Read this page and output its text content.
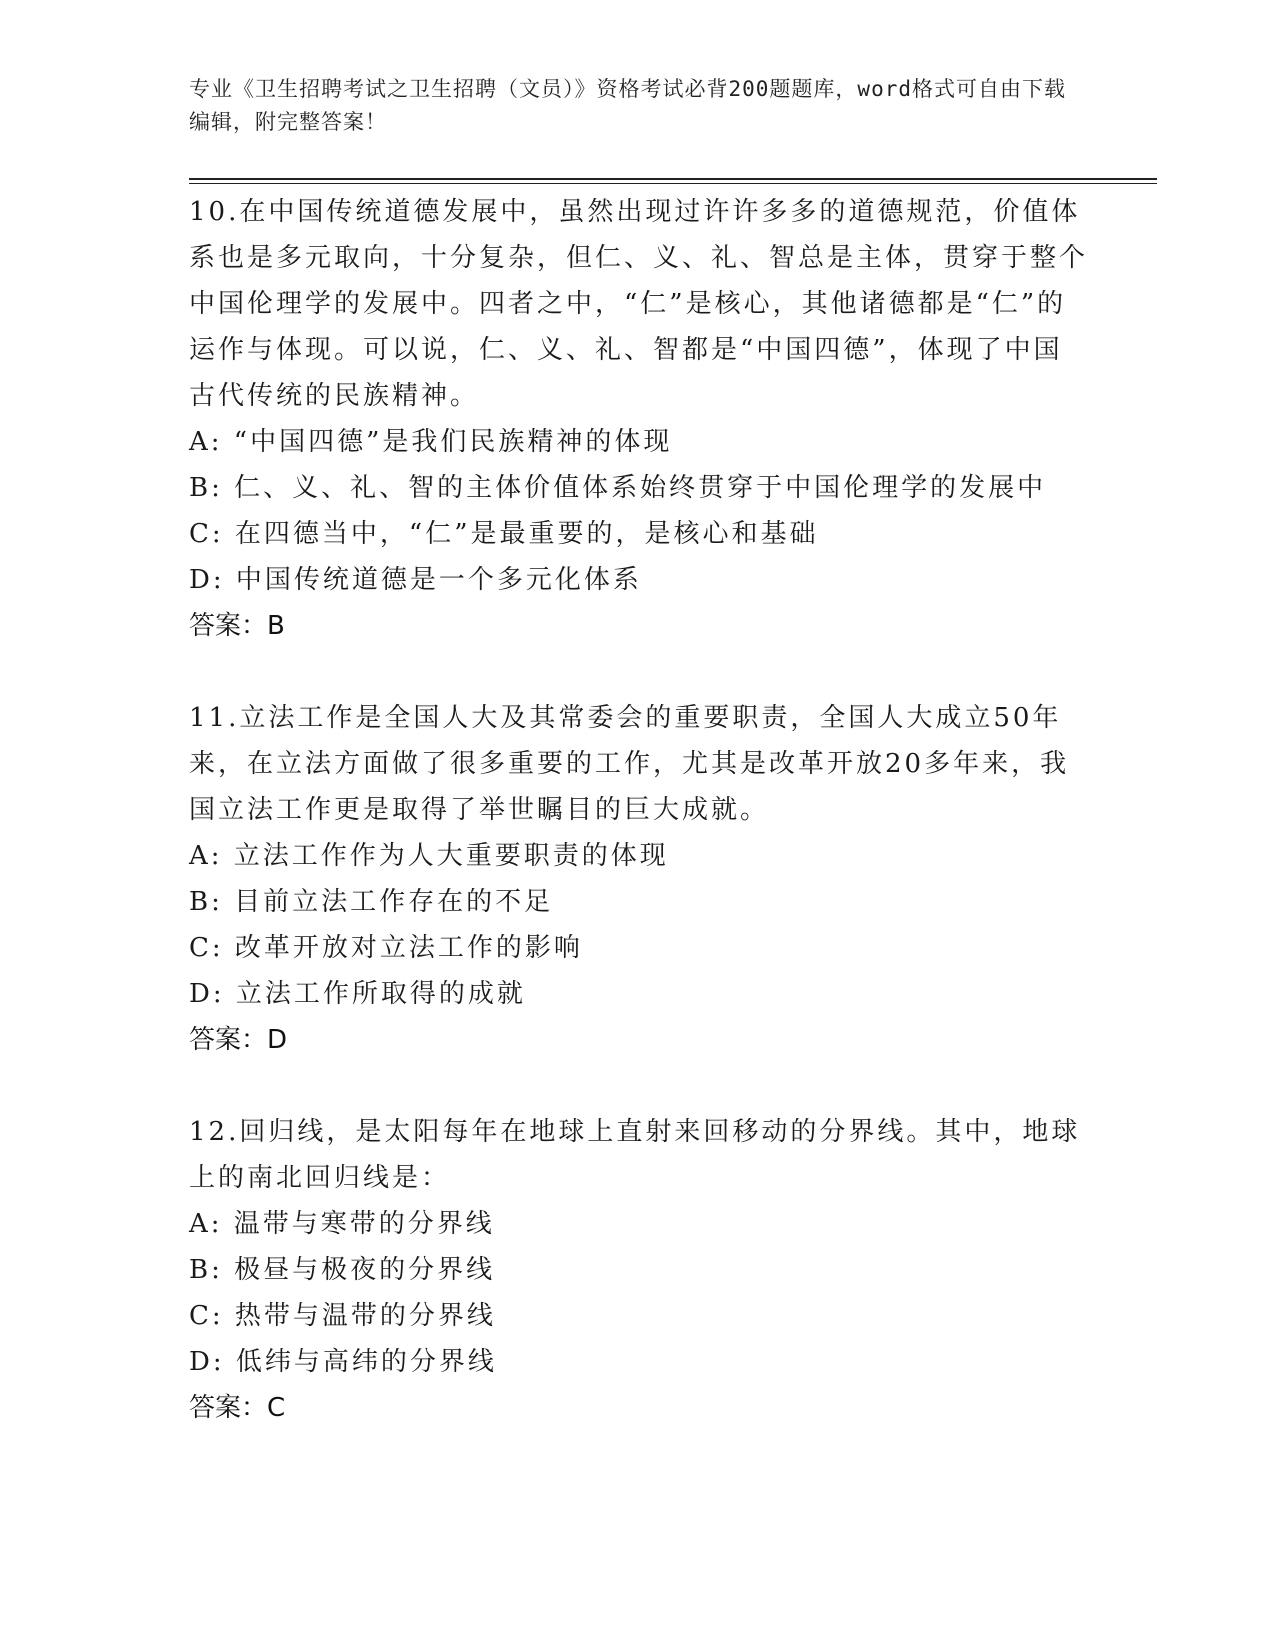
专业《卫生招聘考试之卫生招聘（文员）》资格考试必背200题题库，word格式可自由下载编辑，附完整答案！
10.在中国传统道德发展中，虽然出现过许许多多的道德规范，价值体系也是多元取向，十分复杂，但仁、义、礼、智总是主体，贯穿于整个中国伦理学的发展中。四者之中，“仁”是核心，其他诸德都是“仁”的运作与体现。可以说，仁、义、礼、智都是“中国四德”，体现了中国古代传统的民族精神。
A: “中国四德”是我们民族精神的体现
B: 仁、义、礼、智的主体价值体系始终贯穿于中国伦理学的发展中
C: 在四德当中，“仁”是最重要的，是核心和基础
D: 中国传统道德是一个多元化体系
答案：B
11.立法工作是全国人大及其常委会的重要职责，全国人大成立50年来，在立法方面做了很多重要的工作，尤其是改革开放20多年来，我国立法工作更是取得了举世瞩目的巨大成就。
A: 立法工作作为人大重要职责的体现
B: 目前立法工作存在的不足
C: 改革开放对立法工作的影响
D: 立法工作所取得的成就
答案：D
12.回归线，是太阳每年在地球上直射来回移动的分界线。其中，地球上的南北回归线是：
A: 温带与寒带的分界线
B: 极昼与极夜的分界线
C: 热带与温带的分界线
D: 低纬与高纬的分界线
答案：C
